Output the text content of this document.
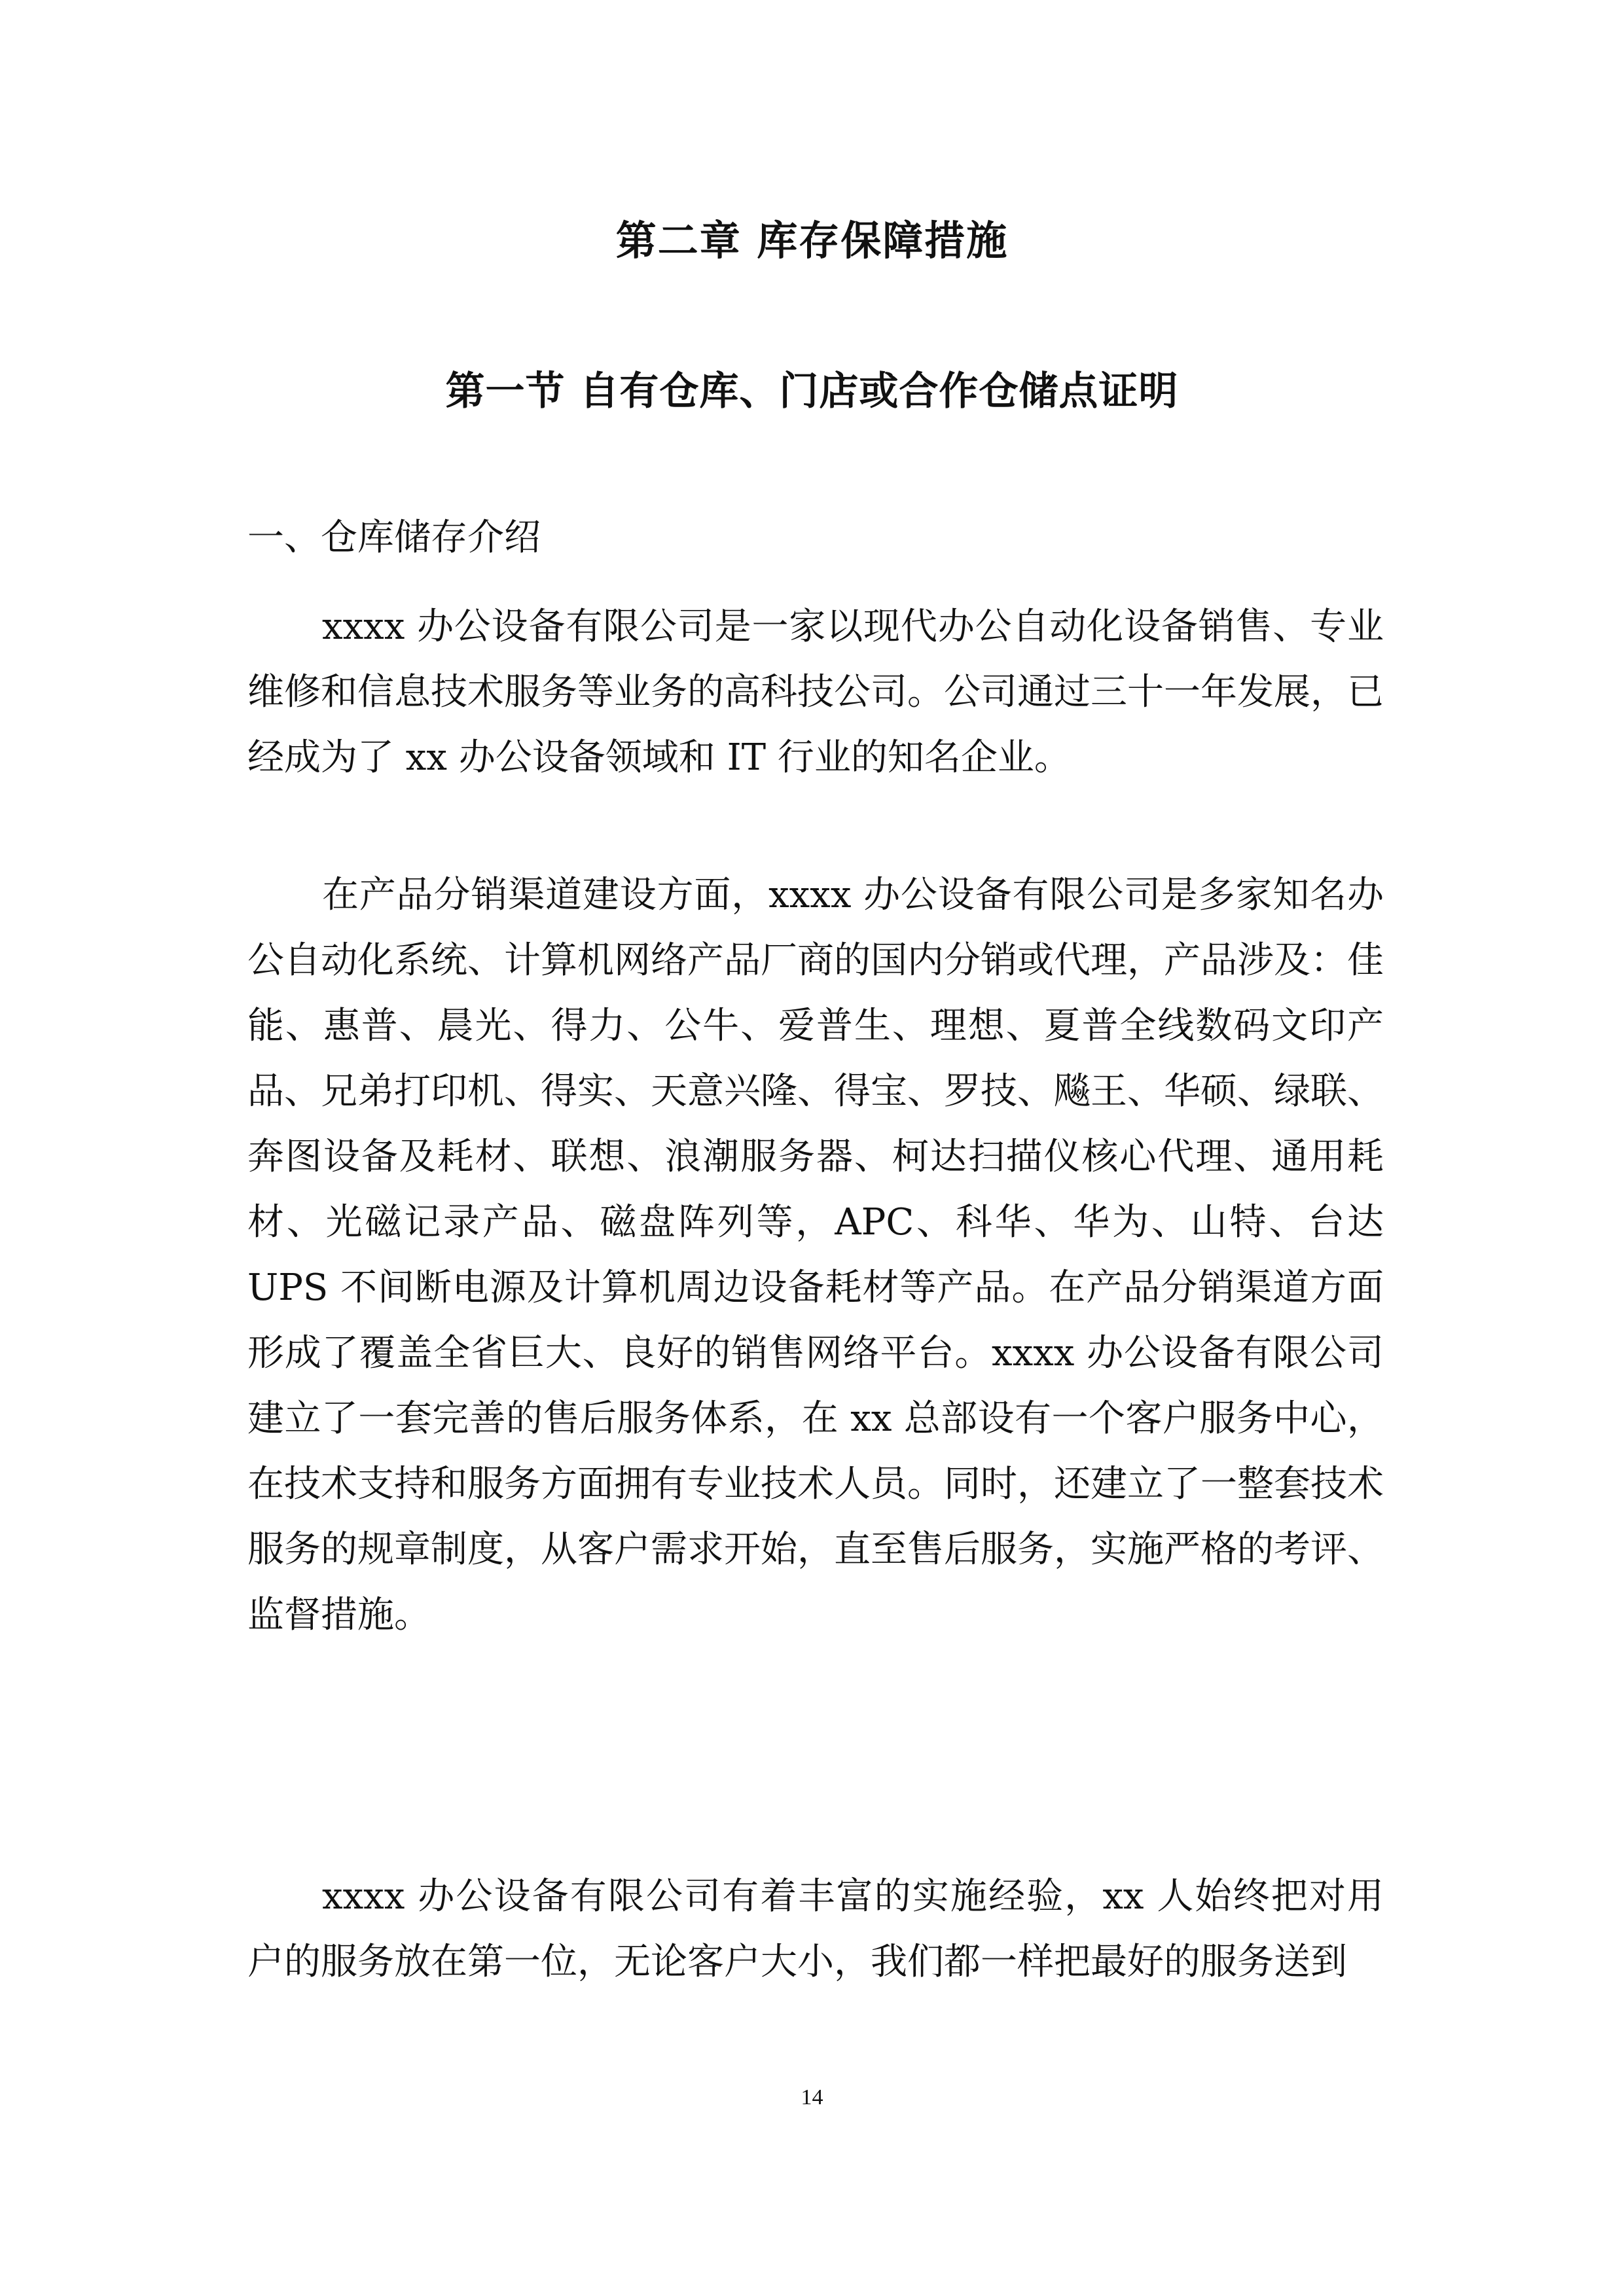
第二章 库存保障措施
第一节 自有仓库、门店或合作仓储点证明
一、仓库储存介绍

xxxx 办公设备有限公司是一家以现代办公自动化设备销售、专业维修和信息技术服务等业务的高科技公司。公司通过三十一年发展，已经成为了 xx 办公设备领域和 IT 行业的知名企业。

在产品分销渠道建设方面，xxxx 办公设备有限公司是多家知名办公自动化系统、计算机网络产品厂商的国内分销或代理，产品涉及：佳能、惠普、晨光、得力、公牛、爱普生、理想、夏普全线数码文印产品、兄弟打印机、得实、天意兴隆、得宝、罗技、飚王、华硕、绿联、奔图设备及耗材、联想、浪潮服务器、柯达扫描仪核心代理、通用耗材、光磁记录产品、磁盘阵列等，APC、科华、华为、山特、台达 UPS 不间断电源及计算机周边设备耗材等产品。在产品分销渠道方面形成了覆盖全省巨大、良好的销售网络平台。xxxx 办公设备有限公司建立了一套完善的售后服务体系，在 xx 总部设有一个客户服务中心，在技术支持和服务方面拥有专业技术人员。同时，还建立了一整套技术服务的规章制度，从客户需求开始，直至售后服务，实施严格的考评、监督措施。

xxxx 办公设备有限公司有着丰富的实施经验，xx 人始终把对用户的服务放在第一位，无论客户大小，我们都一样把最好的服务送到

14
